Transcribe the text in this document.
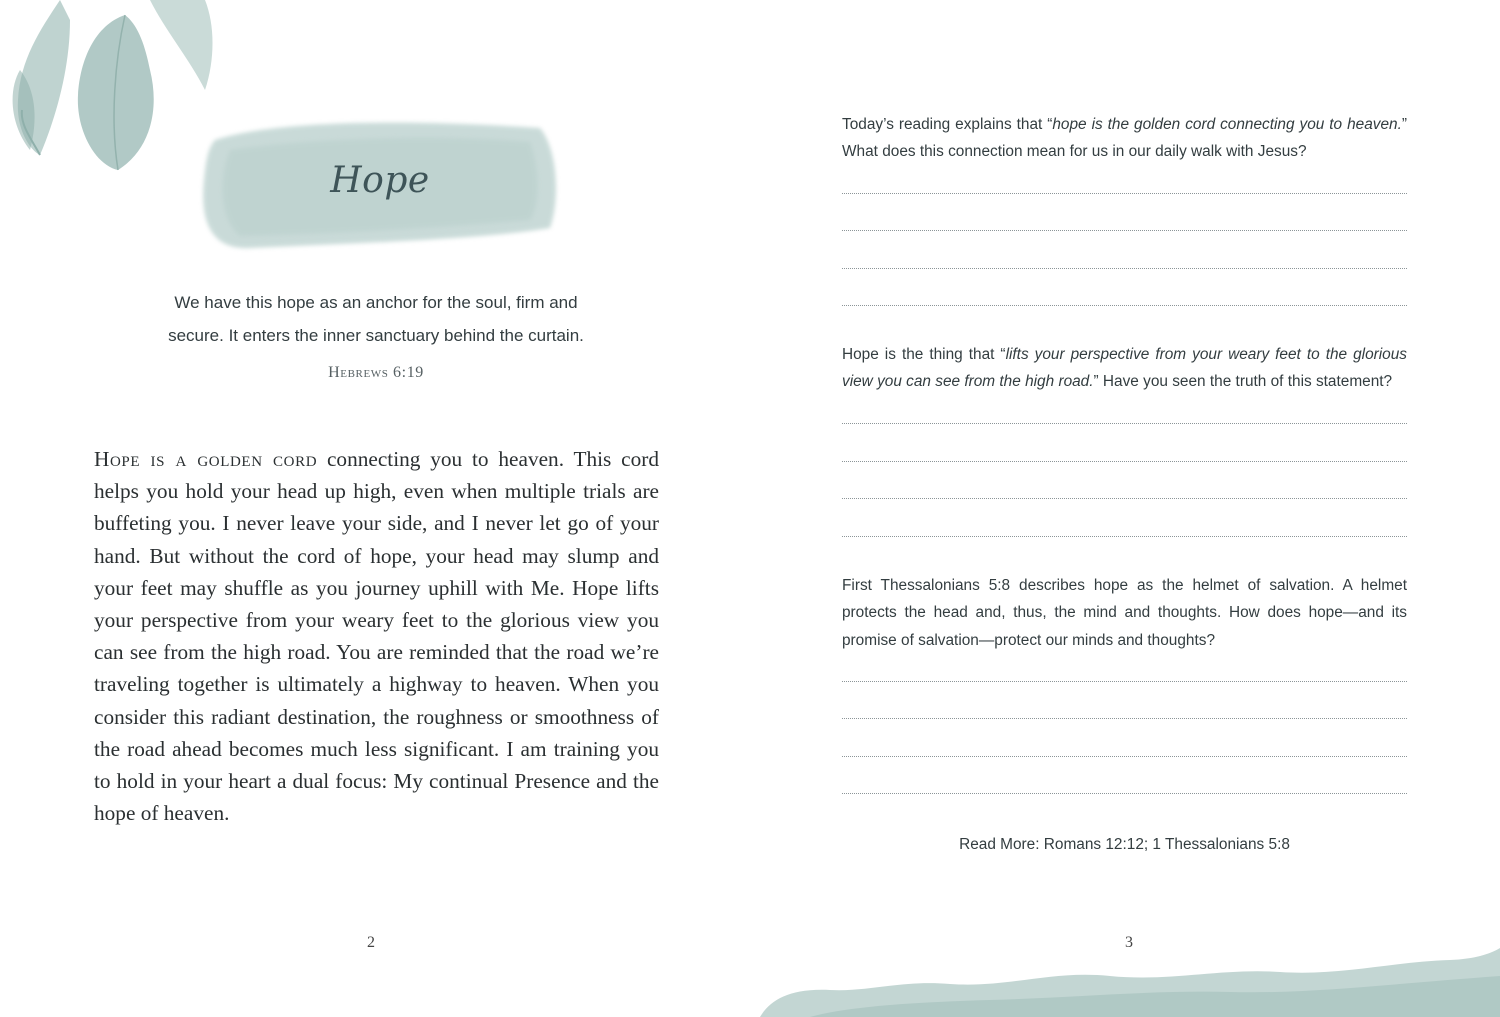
Hope
We have this hope as an anchor for the soul, firm and secure. It enters the inner sanctuary behind the curtain.
Hebrews 6:19
Hope is a golden cord connecting you to heaven. This cord helps you hold your head up high, even when multiple trials are buffeting you. I never leave your side, and I never let go of your hand. But without the cord of hope, your head may slump and your feet may shuffle as you journey uphill with Me. Hope lifts your perspective from your weary feet to the glorious view you can see from the high road. You are reminded that the road we’re traveling together is ultimately a highway to heaven. When you consider this radiant destination, the roughness or smoothness of the road ahead becomes much less significant. I am training you to hold in your heart a dual focus: My continual Presence and the hope of heaven.
2
Today’s reading explains that “hope is the golden cord connecting you to heaven.” What does this connection mean for us in our daily walk with Jesus?
Hope is the thing that “lifts your perspective from your weary feet to the glorious view you can see from the high road.” Have you seen the truth of this statement?
First Thessalonians 5:8 describes hope as the helmet of salvation. A helmet protects the head and, thus, the mind and thoughts. How does hope—and its promise of salvation—protect our minds and thoughts?
Read More: Romans 12:12; 1 Thessalonians 5:8
3
